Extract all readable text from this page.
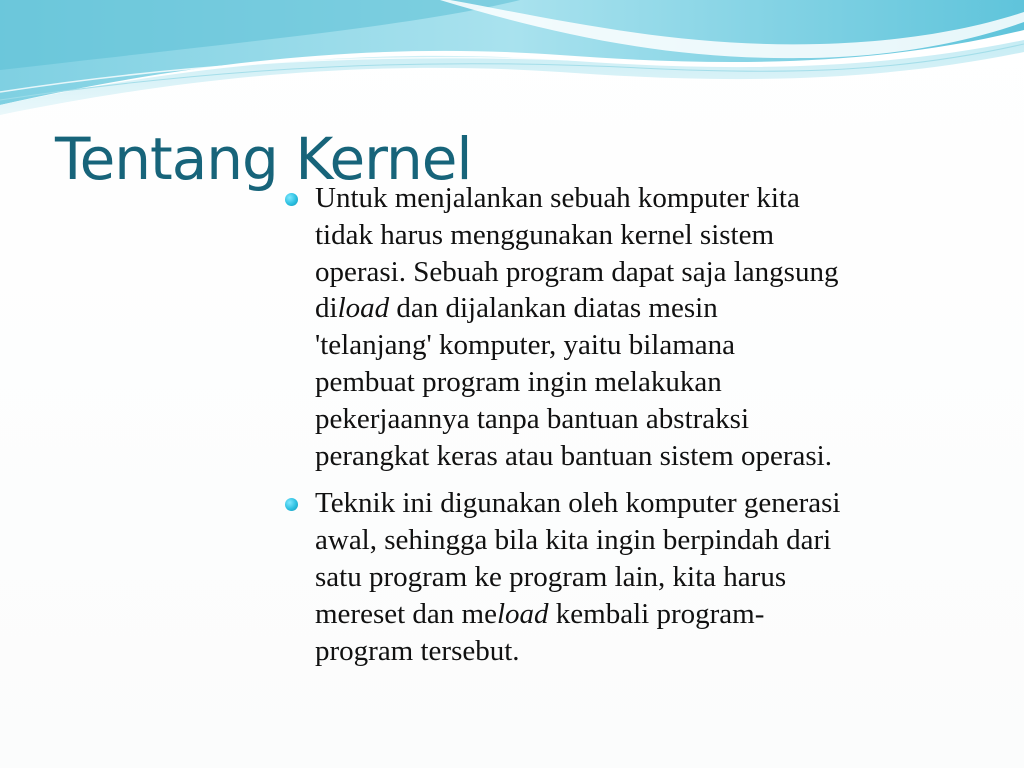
Tentang Kernel
Untuk menjalankan sebuah komputer kita
tidak harus menggunakan kernel sistem
operasi. Sebuah program dapat saja langsung
diload dan dijalankan diatas mesin
'telanjang' komputer, yaitu bilamana
pembuat program ingin melakukan
pekerjaannya tanpa bantuan abstraksi
perangkat keras atau bantuan sistem operasi.
Teknik ini digunakan oleh komputer generasi
awal, sehingga bila kita ingin berpindah dari
satu program ke program lain, kita harus
mereset dan meload kembali program-
program tersebut.
